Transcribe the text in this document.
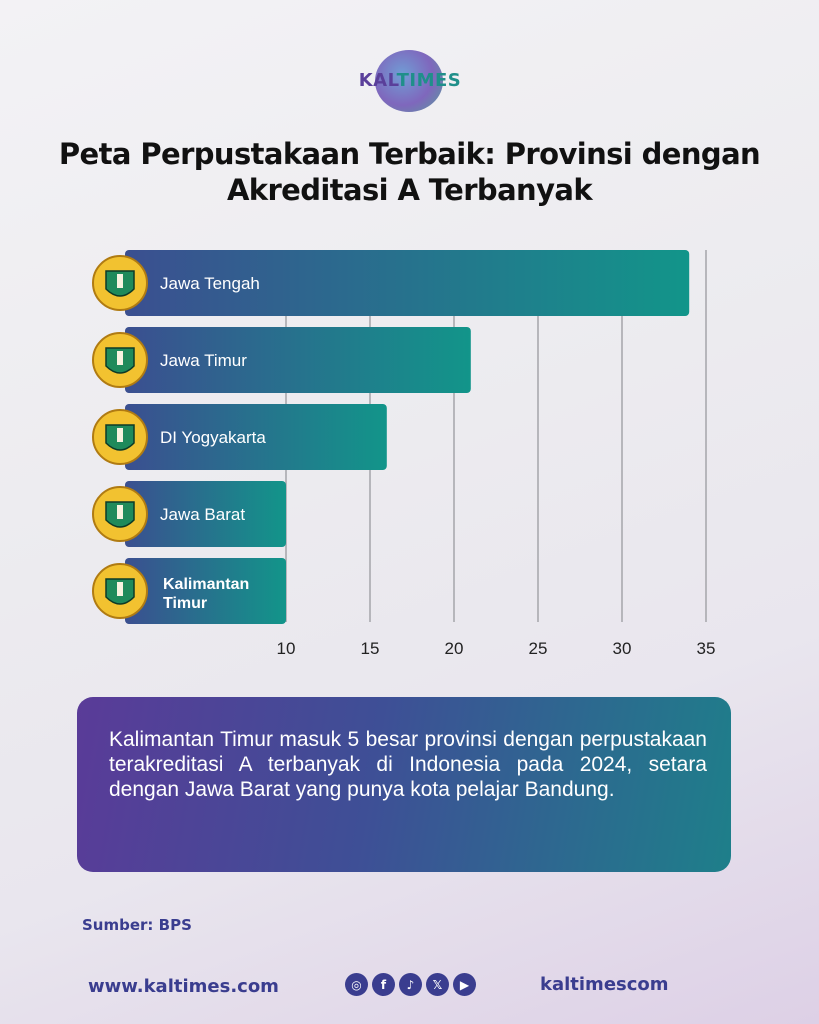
KALTIMES
Peta Perpustakaan Terbaik: Provinsi dengan Akreditasi A Terbanyak
Jawa Tengah
Jawa Timur
DI Yogyakarta
Jawa Barat
Kalimantan
Timur
10	15	20	25	30	35

Kalimantan Timur masuk 5 besar provinsi dengan perpustakaan terakreditasi A terbanyak di Indonesia pada 2024, setara dengan Jawa Barat yang punya kota pelajar Bandung.

Sumber: BPS
www.kaltimes.com	◎	f	♪	𝕏	▶	kaltimescom
